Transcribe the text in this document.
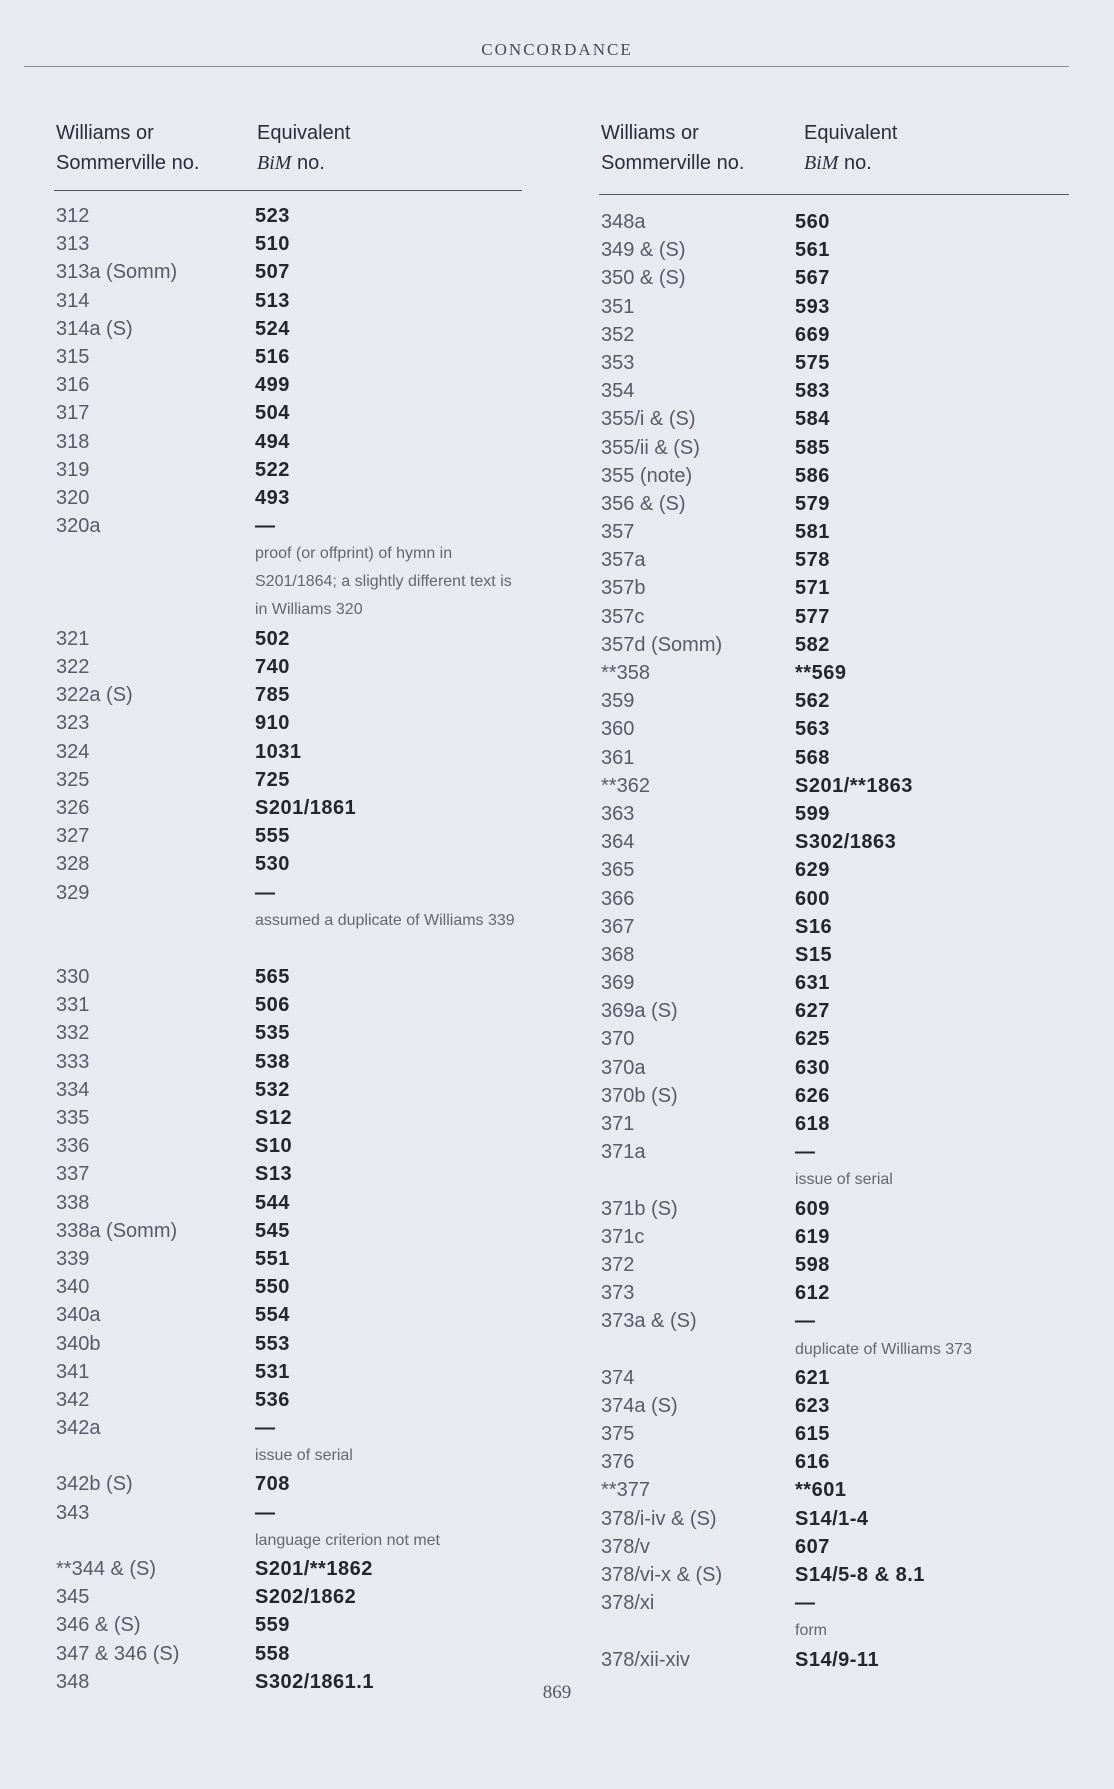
CONCORDANCE
Williams or
Sommerville no.
Equivalent
BiM no.
312	523
313	510
313a (Somm)	507
314	513
314a (S)	524
315	516
316	499
317	504
318	494
319	522
320	493
320a	—
proof (or offprint) of hymn in S201/1864; a slightly different text is in Williams 320
321	502
322	740
322a (S)	785
323	910
324	1031
325	725
326	S201/1861
327	555
328	530
329	—
assumed a duplicate of Williams 339
330	565
331	506
332	535
333	538
334	532
335	S12
336	S10
337	S13
338	544
338a (Somm)	545
339	551
340	550
340a	554
340b	553
341	531
342	536
342a	—
issue of serial
342b (S)	708
343	—
language criterion not met
**344 & (S)	S201/**1862
345	S202/1862
346 & (S)	559
347 & 346 (S)	558
348	S302/1861.1
Williams or
Sommerville no.
Equivalent
BiM no.
348a	560
349 & (S)	561
350 & (S)	567
351	593
352	669
353	575
354	583
355/i & (S)	584
355/ii & (S)	585
355 (note)	586
356 & (S)	579
357	581
357a	578
357b	571
357c	577
357d (Somm)	582
**358	**569
359	562
360	563
361	568
**362	S201/**1863
363	599
364	S302/1863
365	629
366	600
367	S16
368	S15
369	631
369a (S)	627
370	625
370a	630
370b (S)	626
371	618
371a	—
issue of serial
371b (S)	609
371c	619
372	598
373	612
373a & (S)	—
duplicate of Williams 373
374	621
374a (S)	623
375	615
376	616
**377	**601
378/i-iv & (S)	S14/1-4
378/v	607
378/vi-x & (S)	S14/5-8 & 8.1
378/xi	—
form
378/xii-xiv	S14/9-11
869
